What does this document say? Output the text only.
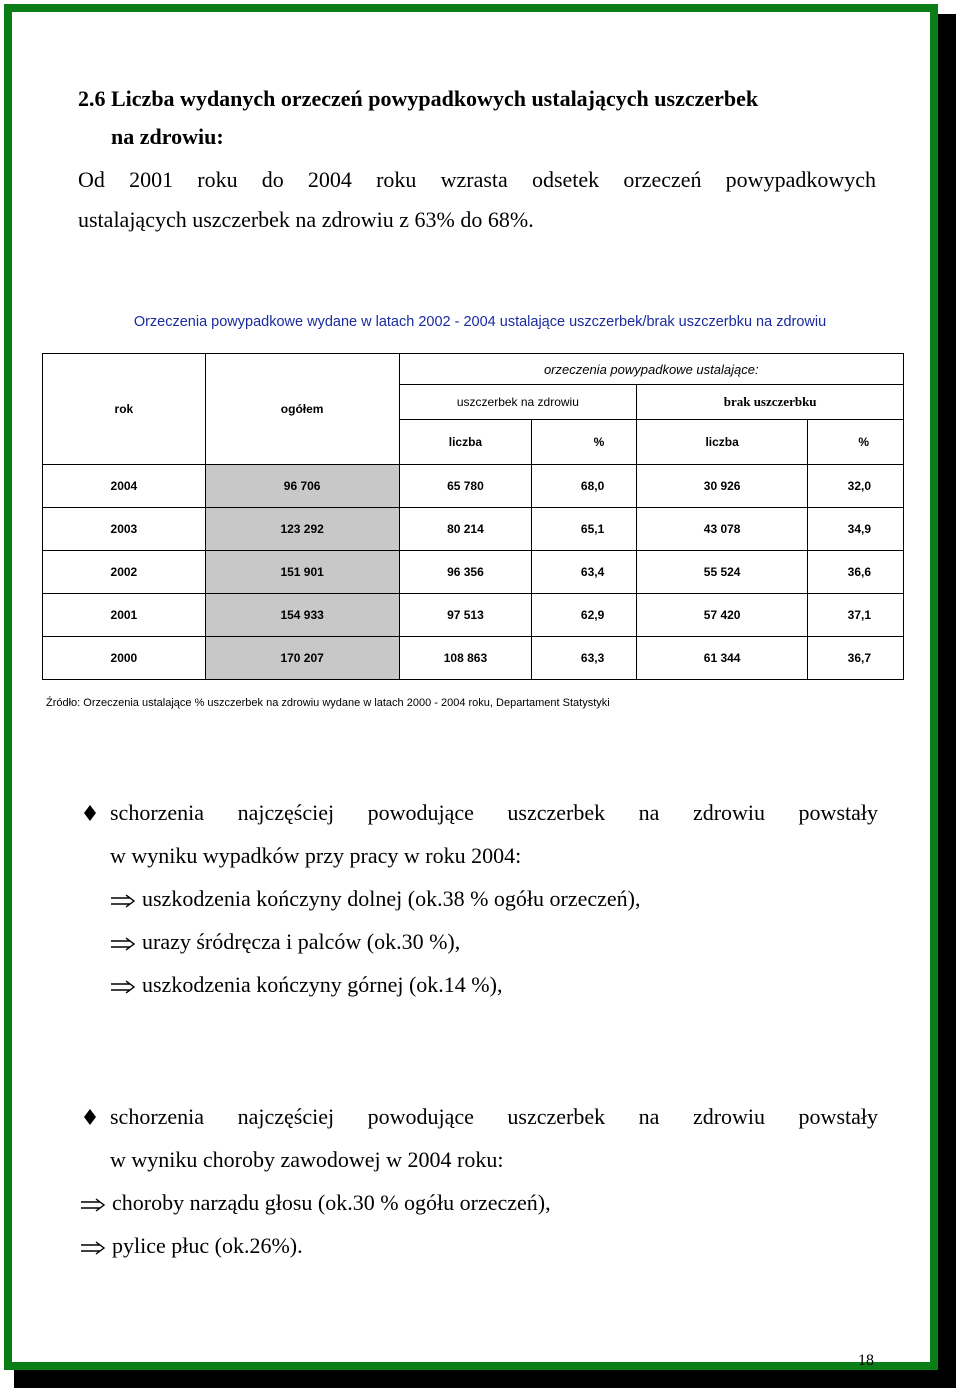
2.6 Liczba wydanych orzeczeń powypadkowych ustalających uszczerbek
na zdrowiu:
Od 2001 roku do 2004 roku wzrasta odsetek orzeczeń powypadkowych
ustalających uszczerbek na zdrowiu z 63% do 68%.
Orzeczenia powypadkowe wydane w latach 2002 - 2004 ustalające uszczerbek/brak uszczerbku na zdrowiu
rok	ogółem	orzeczenia powypadkowe ustalające:			
		uszczerbek na zdrowiu		brak uszczerbku	
		liczba	%	liczba	%
2004	96 706	65 780	68,0	30 926	32,0
2003	123 292	80 214	65,1	43 078	34,9
2002	151 901	96 356	63,4	55 524	36,6
2001	154 933	97 513	62,9	57 420	37,1
2000	170 207	108 863	63,3	61 344	36,7
Źródło: Orzeczenia ustalające % uszczerbek na zdrowiu wydane w latach 2000 - 2004 roku, Departament Statystyki
schorzenia najczęściej powodujące uszczerbek na zdrowiu powstały
w wyniku wypadków przy pracy w roku 2004:
uszkodzenia kończyny dolnej (ok.38 % ogółu orzeczeń),
urazy śródręcza i palców (ok.30 %),
uszkodzenia kończyny górnej (ok.14 %),
schorzenia najczęściej powodujące uszczerbek na zdrowiu powstały
w wyniku choroby zawodowej w 2004 roku:
choroby narządu głosu (ok.30 % ogółu orzeczeń),
pylice płuc (ok.26%).
18
